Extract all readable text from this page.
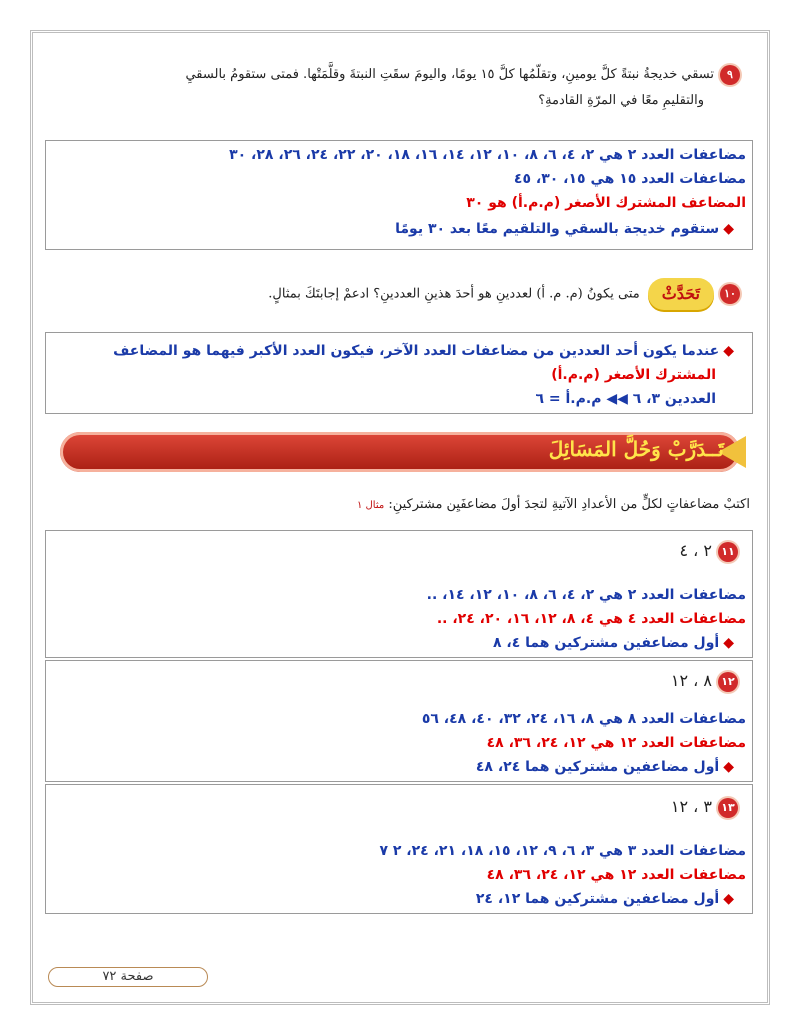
٩تسقي خديجةُ نبتةً كلَّ يومينِ، وتقلّمُها كلَّ ١٥ يومًا، واليومَ سقَتِ النبتةَ وقلَّمَتْها. فمتى ستقومُ بالسقيِ
والتقليمِ معًا في المرّةِ القادمةِ؟
مضاعفات العدد ٢ هي ٢، ٤، ٦، ٨، ١٠، ١٢، ١٤، ١٦، ١٨، ٢٠، ٢٢، ٢٤، ٢٦، ٢٨، ٣٠
مضاعفات العدد ١٥ هي ١٥، ٣٠، ٤٥
المضاعف المشترك الأصغر (م.م.أ) هو ٣٠
◆ستقوم خديجة بالسقي والتلقيم معًا بعد ٣٠ يومًا
١٠تَحَدَّثْمتى يكونُ (م. م. أ) لعددينِ هو أحدَ هذينِ العددينِ؟ ادعمْ إجابتَكَ بمثالٍ.
◆عندما يكون أحد العددين من مضاعفات العدد الآخر، فيكون العدد الأكبر فيهما هو المضاعف
المشترك الأصغر (م.م.أ)
العددين ٣، ٦ ◀◀ م.م.أ = ٦
تَــدَرَّبْ وَحُلَّ المَسَائِلَ
اكتبْ مضاعفاتٍ لكلٍّ من الأعدادِ الآتيةِ لتجدَ أولَ مضاعفَيِن مشتركينِ: مثال ١
١١٢ ، ٤
مضاعفات العدد ٢ هي ٢، ٤، ٦، ٨، ١٠، ١٢، ١٤، ..
مضاعفات العدد ٤ هي ٤، ٨، ١٢، ١٦، ٢٠، ٢٤، ..
◆أول مضاعفين مشتركين هما ٤، ٨
١٢٨ ، ١٢
مضاعفات العدد ٨ هي ٨، ١٦، ٢٤، ٣٢، ٤٠، ٤٨، ٥٦
مضاعفات العدد ١٢ هي ١٢، ٢٤، ٣٦، ٤٨
◆أول مضاعفين مشتركين هما ٢٤، ٤٨
١٣٣ ، ١٢
مضاعفات العدد ٣ هي ٣، ٦، ٩، ١٢، ١٥، ١٨، ٢١، ٢٤، ٢ ٧
مضاعفات العدد ١٢ هي ١٢، ٢٤، ٣٦، ٤٨
◆أول مضاعفين مشتركين هما ١٢، ٢٤
صفحة ٧٢
